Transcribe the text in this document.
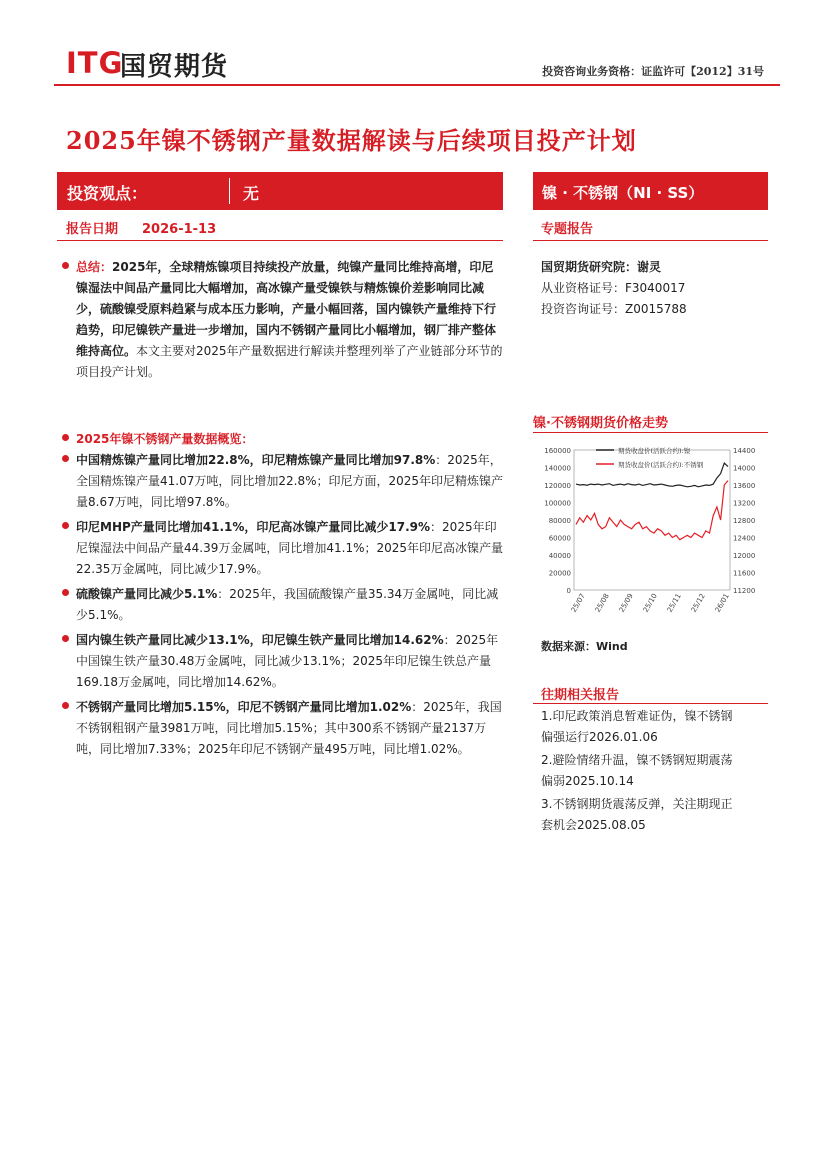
ITG
国贸期货	投资咨询业务资格：证监许可【2012】31号
2025年镍不锈钢产量数据解读与后续项目投产计划
投资观点：	无	镍 · 不锈钢（NI · SS）
报告日期 2026-1-13	专题报告
总结：2025年，全球精炼镍项目持续投产放量，纯镍产量同比维持高增，印尼镍湿法中间品产量同比大幅增加，高冰镍产量受镍铁与精炼镍价差影响同比减少，硫酸镍受原料趋紧与成本压力影响，产量小幅回落，国内镍铁产量维持下行趋势，印尼镍铁产量进一步增加，国内不锈钢产量同比小幅增加，钢厂排产整体维持高位。本文主要对2025年产量数据进行解读并整理列举了产业链部分环节的项目投产计划。
2025年镍不锈钢产量数据概览：
中国精炼镍产量同比增加22.8%，印尼精炼镍产量同比增加97.8%：2025年，全国精炼镍产量41.07万吨，同比增加22.8%；印尼方面，2025年印尼精炼镍产量8.67万吨，同比增97.8%。
印尼MHP产量同比增加41.1%，印尼高冰镍产量同比减少17.9%：2025年印尼镍湿法中间品产量44.39万金属吨，同比增加41.1%；2025年印尼高冰镍产量22.35万金属吨，同比减少17.9%。
硫酸镍产量同比减少5.1%：2025年，我国硫酸镍产量35.34万金属吨，同比减少5.1%。
国内镍生铁产量同比减少13.1%，印尼镍生铁产量同比增加14.62%：2025年中国镍生铁产量30.48万金属吨，同比减少13.1%；2025年印尼镍生铁总产量169.18万金属吨，同比增加14.62%。
不锈钢产量同比增加5.15%，印尼不锈钢产量同比增加1.02%：2025年，我国不锈钢粗钢产量3981万吨，同比增加5.15%；其中300系不锈钢产量2137万吨，同比增加7.33%；2025年印尼不锈钢产量495万吨，同比增1.02%。
国贸期货研究院：谢灵
从业资格证号：F3040017
投资咨询证号：Z0015788
镍·不锈钢期货价格走势
0
20000
40000
60000
80000
100000
120000
140000
160000
11200
11600
12000
12400
12800
13200
13600
14000
14400
25/07 25/08 25/09 25/10 25/11 25/12 26/01
期货收盘价(活跃合约):镍
期货收盘价(活跃合约):不锈钢
数据来源：Wind
往期相关报告
1.印尼政策消息暂难证伪，镍不锈钢偏强运行2026.01.06
2.避险情绪升温，镍不锈钢短期震荡偏弱2025.10.14
3.不锈钢期货震荡反弹，关注期现正套机会2025.08.05
